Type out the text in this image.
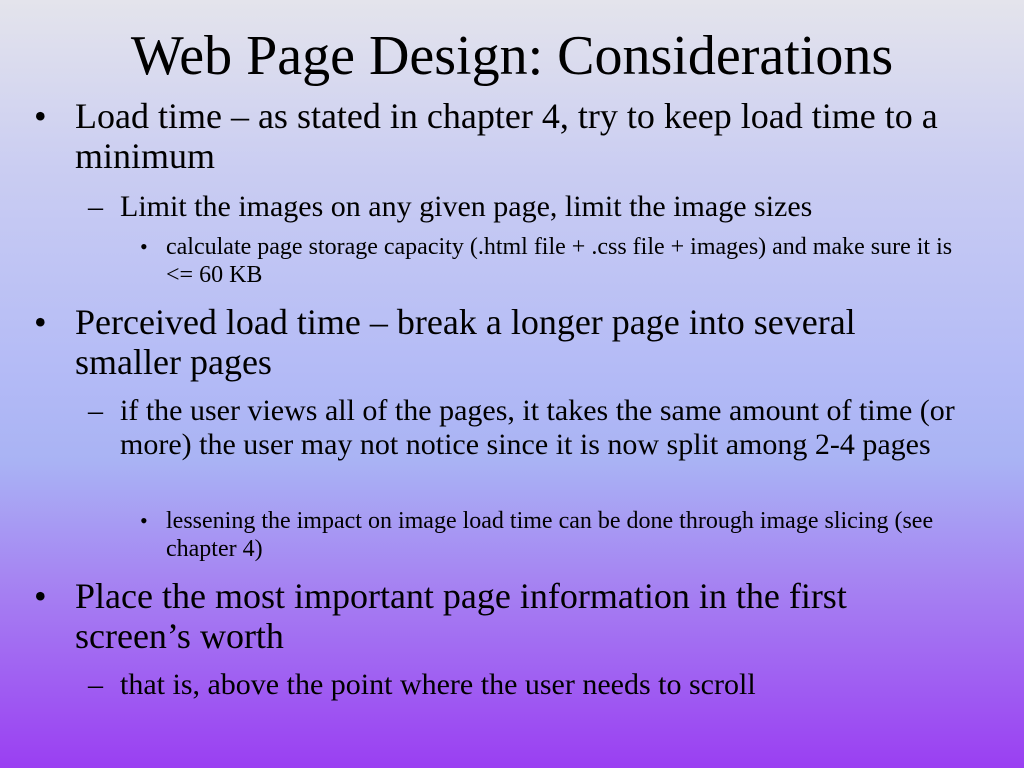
Web Page Design: Considerations
• Load time – as stated in chapter 4, try to keep load time to a minimum

– Limit the images on any given page, limit the image sizes

• calculate page storage capacity (.html file + .css file + images) and make sure it is <= 60 KB

• Perceived load time – break a longer page into several smaller pages

– if the user views all of the pages, it takes the same amount of time (or more) the user may not notice since it is now split among 2-4 pages

• lessening the impact on image load time can be done through image slicing (see chapter 4)

• Place the most important page information in the first screen’s worth

– that is, above the point where the user needs to scroll
